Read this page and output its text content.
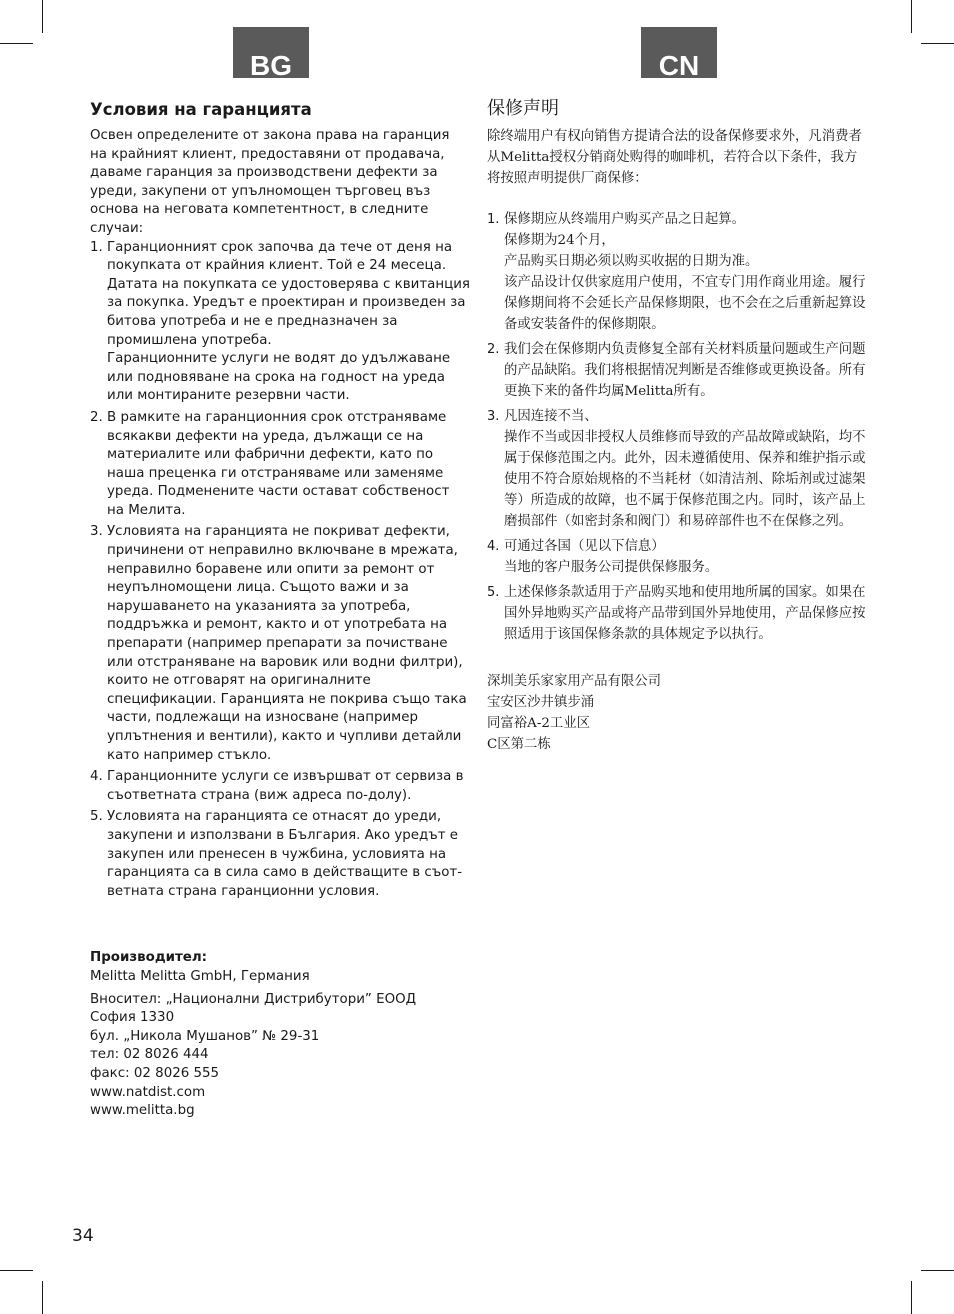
BG	CN
Условия на гаранцията

Освен определените от закона права на гаранция на крайният клиент, предоставяни от продавача, даваме гаранция за производствени дефекти за уреди, закупени от упълномощен търговец въз основа на неговата компетентност, в следните случаи:

1. Гаранционният срок започва да тече от деня на покупката от крайния клиент. Той е 24 месеца. Датата на покупката се удостоверява с квитанция за покупка. Уредът е проектиран и произведен за битова употреба и не е предназначен за промишлена употреба.
Гаранционните услуги не водят до удължаване или подновяване на срока на годност на уреда или монтираните резервни части.
2. В рамките на гаранционния срок отстраняваме всякакви дефекти на уреда, дължащи се на материалите или фабрични дефекти, като по наша преценка ги отстраняваме или заменяме уреда. Подменените части остават собственост на Мелита.
3. Условията на гаранцията не покриват дефекти, причинени от неправилно включване в мрежата, неправилно боравене или опити за ремонт от неупълномощени лица. Същото важи и за нарушаването на указанията за употреба, поддръжка и ремонт, както и от употребата на препарати (например препарати за почистване или отстраняване на варовик или водни филтри), които не отговарят на оригиналните спецификации. Гаранцията не покрива също така части, подлежащи на износване (например уплътнения и вентили), както и чупливи детайли като например стъкло.
4. Гаранционните услуги се извършват от сервиза в съответната страна (виж адреса по-долу).
5. Условията на гаранцията се отнасят до уреди, закупени и използвани в България. Ако уредът е закупен или пренесен в чужбина, условията на гаранцията са в сила само в действащите в съот-ветната страна гаранционни условия.
Производител:
Melitta Melitta GmbH, Германия
Вносител: „Национални Дистрибутори” ЕООД
София 1330
бул. „Никола Мушанов” № 29-31
тел: 02 8026 444
факс: 02 8026 555
www.natdist.com
www.melitta.bg
保修声明

除终端用户有权向销售方提请合法的设备保修要求外，凡消费者从Melitta授权分销商处购得的咖啡机，若符合以下条件，我方将按照声明提供厂商保修：

1. 保修期应从终端用户购买产品之日起算。
保修期为24个月，
产品购买日期必须以购买收据的日期为准。
该产品设计仅供家庭用户使用，不宜专门用作商业用途。履行保修期间将不会延长产品保修期限，也不会在之后重新起算设备或安装备件的保修期限。
2. 我们会在保修期内负责修复全部有关材料质量问题或生产问题的产品缺陷。我们将根据情况判断是否维修或更换设备。所有更换下来的备件均属Melitta所有。
3. 凡因连接不当、
操作不当或因非授权人员维修而导致的产品故障或缺陷，均不属于保修范围之内。此外，因未遵循使用、保养和维护指示或使用不符合原始规格的不当耗材（如清洁剂、除垢剂或过滤架等）所造成的故障，也不属于保修范围之内。同时，该产品上磨损部件（如密封条和阀门）和易碎部件也不在保修之列。
4. 可通过各国（见以下信息）
当地的客户服务公司提供保修服务。
5. 上述保修条款适用于产品购买地和使用地所属的国家。如果在国外异地购买产品或将产品带到国外异地使用，产品保修应按照适用于该国保修条款的具体规定予以执行。
深圳美乐家家用产品有限公司
宝安区沙井镇步涌
同富裕A-2工业区
C区第二栋
34
